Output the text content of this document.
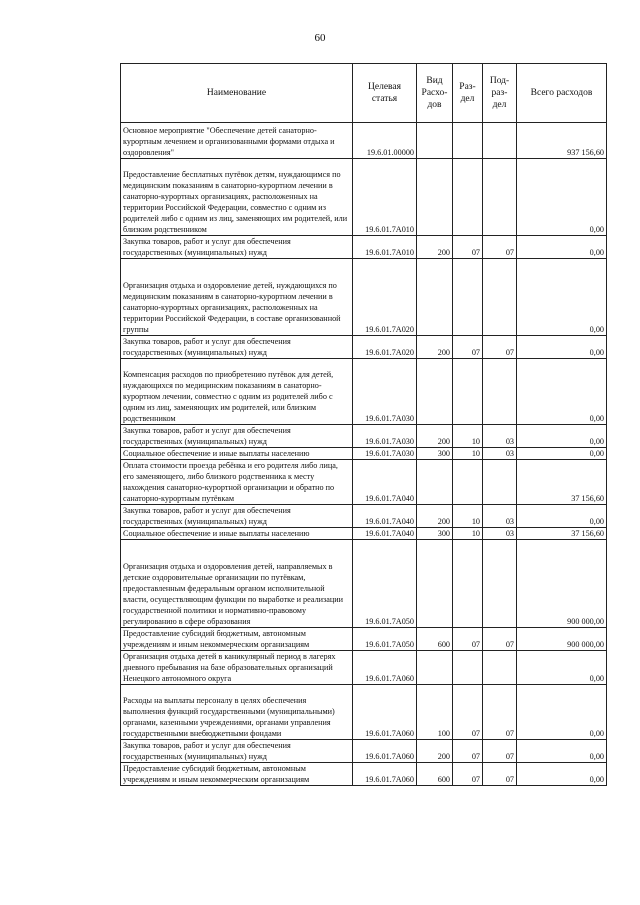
60
Наименование	Целевая статья	Вид Расхо-дов	Раз-дел	Под-раз-дел	Всего расходов
Основное мероприятие "Обеспечение детей санаторно-курортным лечением и организованными формами отдыха и оздоровления"	19.6.01.00000				937 156,60
Предоставление бесплатных путёвок детям, нуждающимся по медицинским показаниям в санаторно-курортном лечении в санаторно-курортных организациях, расположенных на территории Российской Федерации, совместно с одним из родителей либо с одним из лиц, заменяющих им родителей, или близким родственником	19.6.01.7А010				0,00
Закупка товаров, работ и услуг для обеспечения государственных (муниципальных) нужд	19.6.01.7А010	200	07	07	0,00
Организация отдыха и оздоровление детей, нуждающихся по медицинским показаниям в санаторно-курортном лечении в санаторно-курортных организациях, расположенных на территории Российской Федерации, в составе организованной группы	19.6.01.7А020				0,00
Закупка товаров, работ и услуг для обеспечения государственных (муниципальных) нужд	19.6.01.7А020	200	07	07	0,00
Компенсация расходов по приобретению путёвок для детей, нуждающихся по медицинским показаниям в санаторно-курортном лечении, совместно с одним из родителей либо с одним из лиц, заменяющих им родителей, или близким родственником	19.6.01.7А030				0,00
Закупка товаров, работ и услуг для обеспечения государственных (муниципальных) нужд	19.6.01.7А030	200	10	03	0,00
Социальное обеспечение и иные выплаты населению	19.6.01.7А030	300	10	03	0,00
Оплата стоимости проезда ребёнка и его родителя либо лица, его заменяющего, либо близкого родственника к месту нахождения санаторно-курортной организации и обратно по санаторно-курортным путёвкам	19.6.01.7А040				37 156,60
Закупка товаров, работ и услуг для обеспечения государственных (муниципальных) нужд	19.6.01.7А040	200	10	03	0,00
Социальное обеспечение и иные выплаты населению	19.6.01.7А040	300	10	03	37 156,60
Организация отдыха и оздоровления детей, направляемых в детские оздоровительные организации по путёвкам, предоставленным федеральным органом исполнительной власти, осуществляющим функции по выработке и реализации государственной политики и нормативно-правовому регулированию в сфере образования	19.6.01.7А050				900 000,00
Предоставление субсидий бюджетным, автономным учреждениям и иным некоммерческим организациям	19.6.01.7А050	600	07	07	900 000,00
Организация отдыха детей в каникулярный период в лагерях дневного пребывания на базе образовательных организаций Ненецкого автономного округа	19.6.01.7А060				0,00
Расходы на выплаты персоналу в целях обеспечения выполнения функций государственными (муниципальными) органами, казенными учреждениями, органами управления государственными внебюджетными фондами	19.6.01.7А060	100	07	07	0,00
Закупка товаров, работ и услуг для обеспечения государственных (муниципальных) нужд	19.6.01.7А060	200	07	07	0,00
Предоставление субсидий бюджетным, автономным учреждениям и иным некоммерческим организациям	19.6.01.7А060	600	07	07	0,00
